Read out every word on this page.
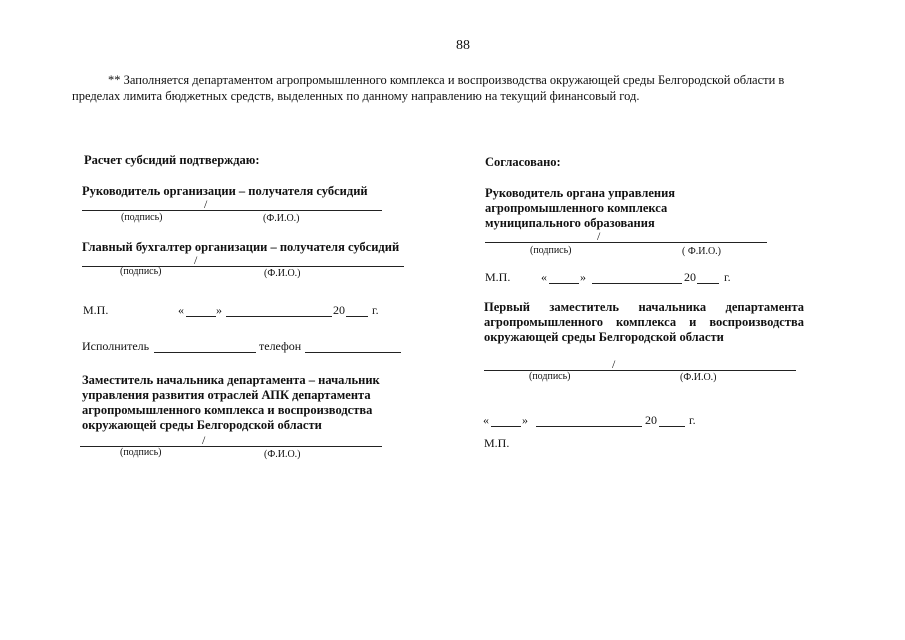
88
** Заполняется департаментом агропромышленного комплекса и воспроизводства окружающей среды Белгородской области в
пределах лимита бюджетных средств, выделенных по данному направлению на текущий финансовый год.
Расчет субсидий подтверждаю:
Руководитель организации – получателя субсидий
/
(подпись)	(Ф.И.О.)
Главный бухгалтер организации – получателя субсидий
/
(подпись)	(Ф.И.О.)
М.П.	«	»	20 г.
Исполнитель	телефон
Заместитель начальника департамента – начальник
управления развития отраслей АПК департамента
агропромышленного комплекса и воспроизводства
окружающей среды Белгородской области
/
(подпись)	(Ф.И.О.)
Согласовано:
Руководитель органа управления
агропромышленного комплекса
муниципального образования
/
(подпись)	( Ф.И.О.)
М.П.	«	»	20 г.
Первый заместитель начальника департамента
агропромышленного комплекса и воспроизводства
окружающей среды Белгородской области
/
(подпись)	(Ф.И.О.)
«	»	20	г.
М.П.
